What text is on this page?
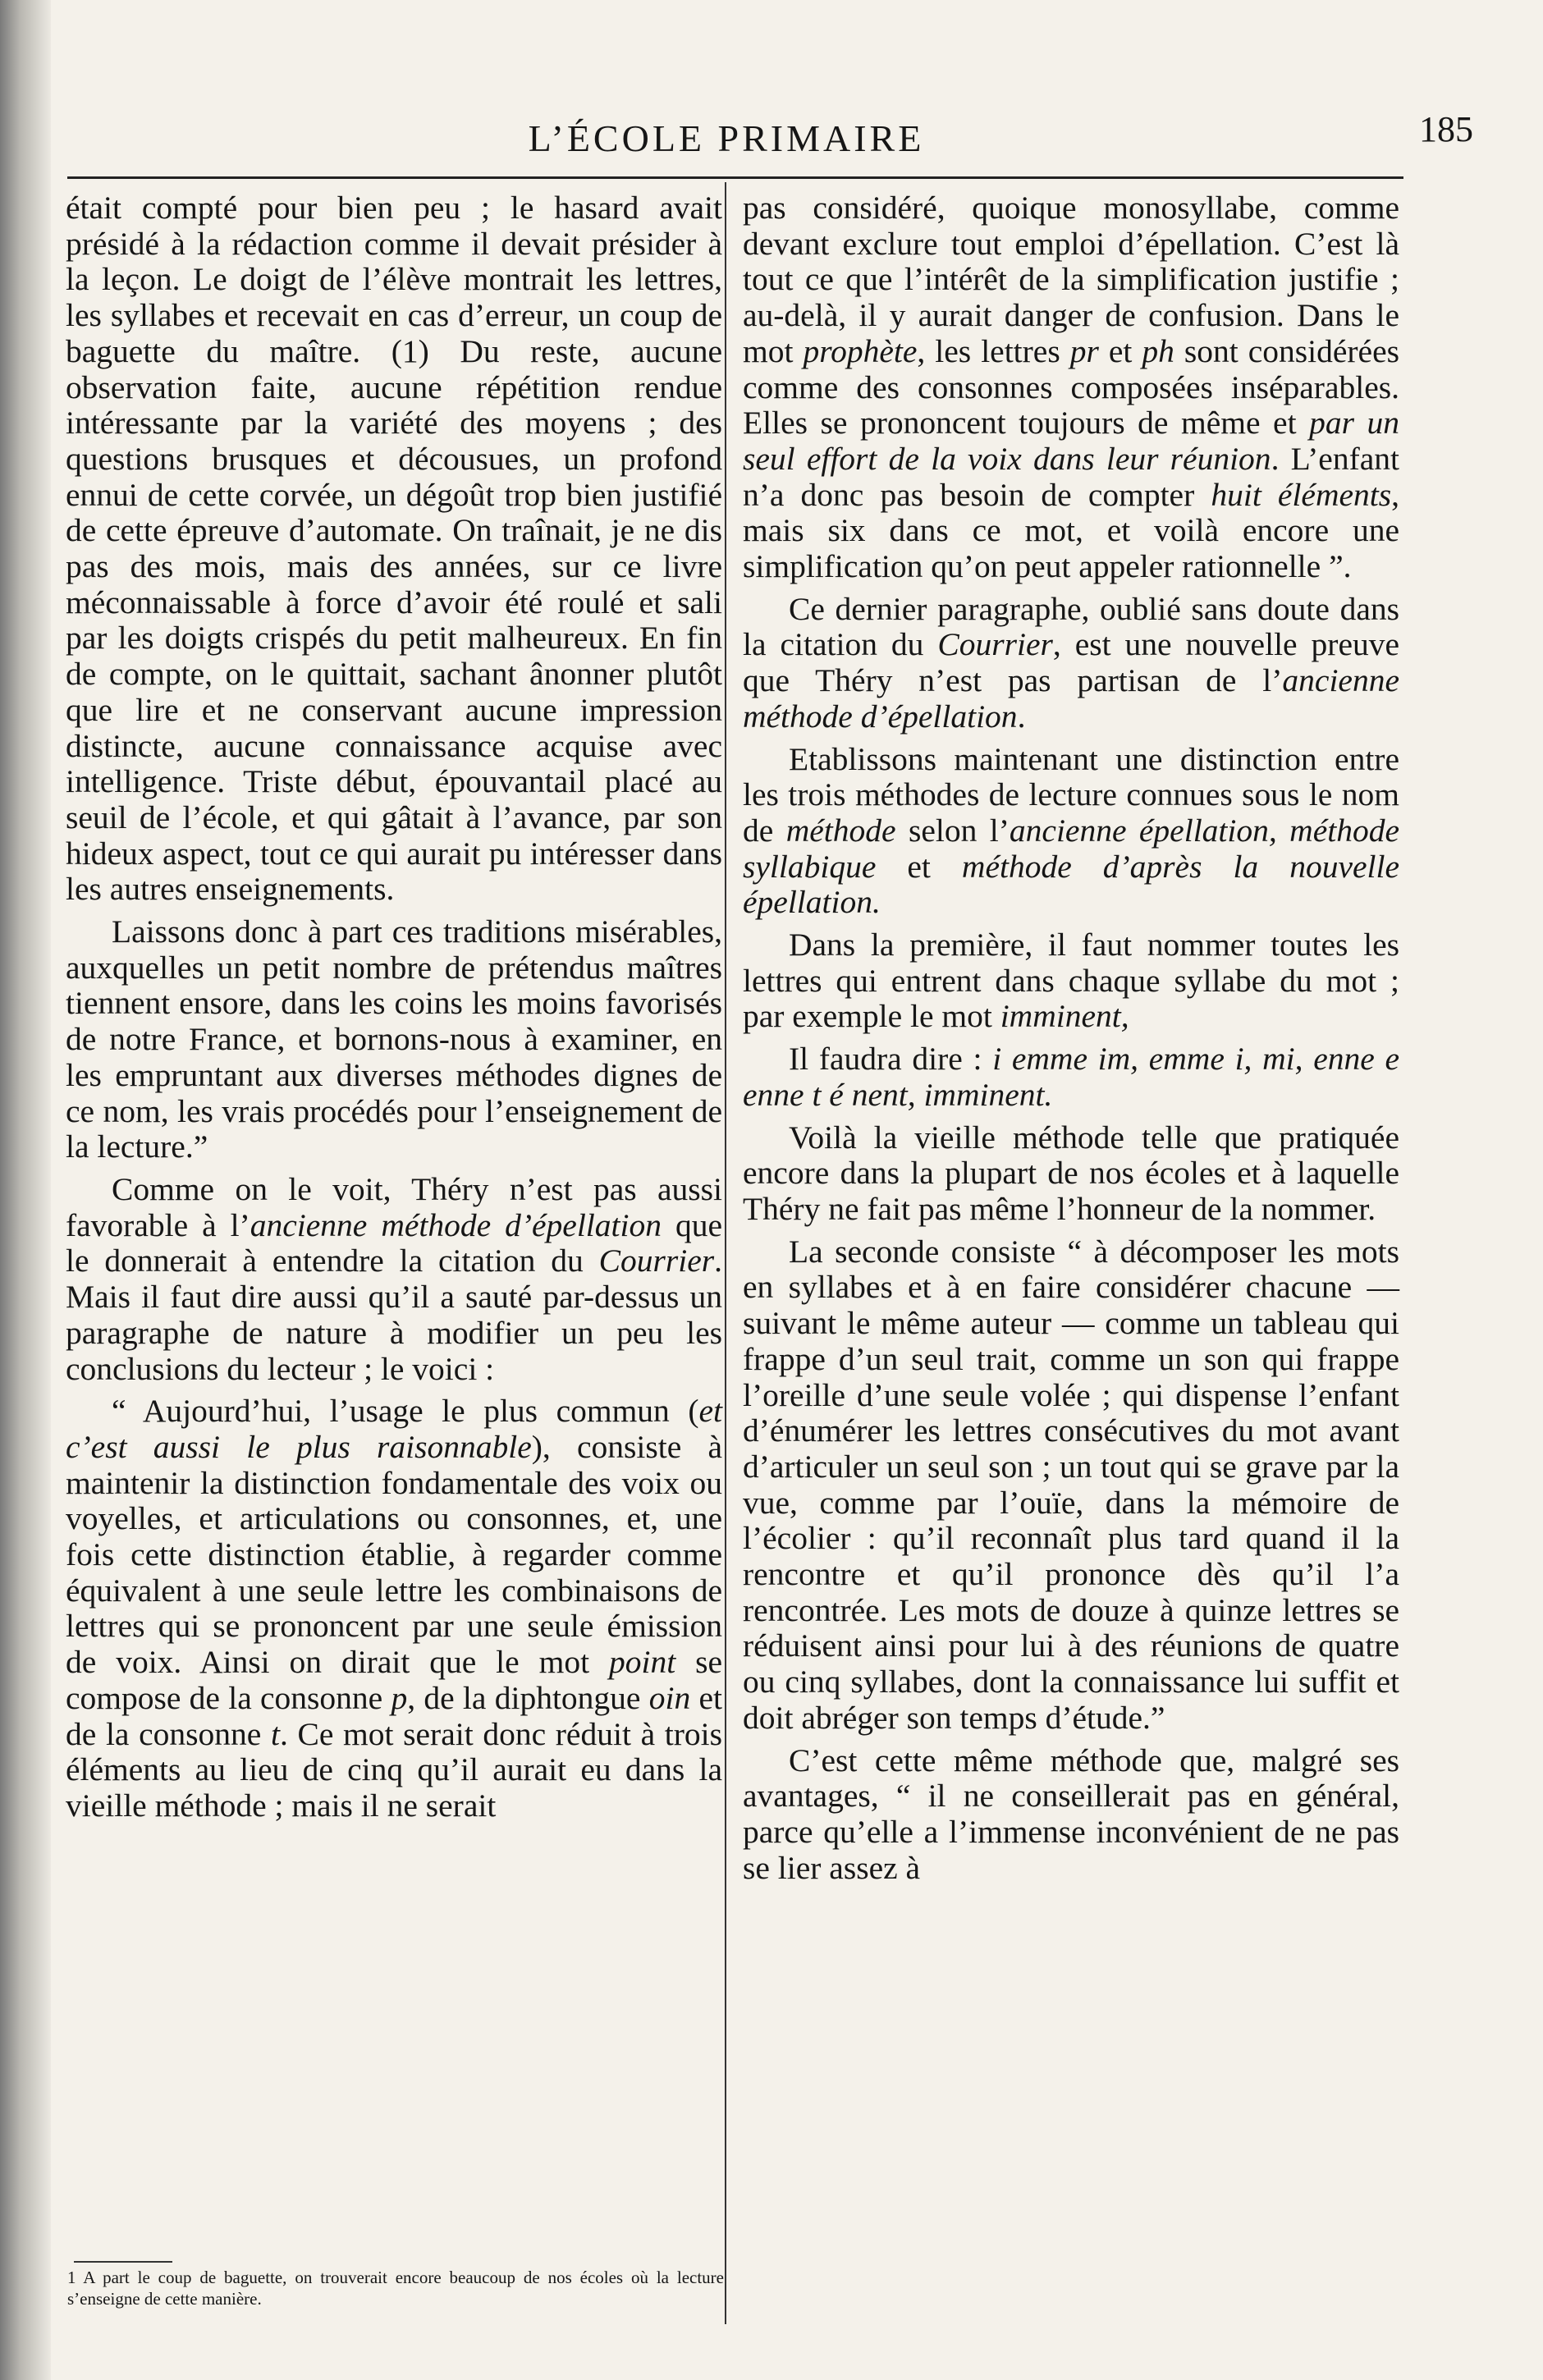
L’ÉCOLE PRIMAIRE	185

était compté pour bien peu ; le hasard avait présidé à la rédaction comme il devait présider à la leçon. Le doigt de l’élève montrait les lettres, les syllabes et recevait en cas d’erreur, un coup de baguette du maître. (1) Du reste, aucune observation faite, aucune répétition rendue intéressante par la variété des moyens ; des questions brusques et décousues, un profond ennui de cette corvée, un dégoût trop bien justifié de cette épreuve d’automate. On traînait, je ne dis pas des mois, mais des années, sur ce livre méconnaissable à force d’avoir été roulé et sali par les doigts crispés du petit malheureux. En fin de compte, on le quittait, sachant ânonner plutôt que lire et ne conservant aucune impression distincte, aucune connaissance acquise avec intelligence. Triste début, épouvantail placé au seuil de l’école, et qui gâtait à l’avance, par son hideux aspect, tout ce qui aurait pu intéresser dans les autres enseignements.

Laissons donc à part ces traditions misérables, auxquelles un petit nombre de prétendus maîtres tiennent ensore, dans les coins les moins favorisés de notre France, et bornons-nous à examiner, en les empruntant aux diverses méthodes dignes de ce nom, les vrais procédés pour l’enseignement de la lecture.”

Comme on le voit, Théry n’est pas aussi favorable à l’ancienne méthode d’épellation que le donnerait à entendre la citation du Courrier. Mais il faut dire aussi qu’il a sauté par-dessus un paragraphe de nature à modifier un peu les conclusions du lecteur ; le voici :

“ Aujourd’hui, l’usage le plus commun (et c’est aussi le plus raisonnable), consiste à maintenir la distinction fondamentale des voix ou voyelles, et articulations ou consonnes, et, une fois cette distinction établie, à regarder comme équivalent à une seule lettre les combinaisons de lettres qui se prononcent par une seule émission de voix. Ainsi on dirait que le mot point se compose de la consonne p, de la diphtongue oin et de la consonne t. Ce mot serait donc réduit à trois éléments au lieu de cinq qu’il aurait eu dans la vieille méthode ; mais il ne serait

pas considéré, quoique monosyllabe, comme devant exclure tout emploi d’épellation. C’est là tout ce que l’intérêt de la simplification justifie ; au-delà, il y aurait danger de confusion. Dans le mot prophète, les lettres pr et ph sont considérées comme des consonnes composées inséparables. Elles se prononcent toujours de même et par un seul effort de la voix dans leur réunion. L’enfant n’a donc pas besoin de compter huit éléments, mais six dans ce mot, et voilà encore une simplification qu’on peut appeler rationnelle ”.

Ce dernier paragraphe, oublié sans doute dans la citation du Courrier, est une nouvelle preuve que Théry n’est pas partisan de l’ancienne méthode d’épellation.

Etablissons maintenant une distinction entre les trois méthodes de lecture connues sous le nom de méthode selon l’ancienne épellation, méthode syllabique et méthode d’après la nouvelle épellation.

Dans la première, il faut nommer toutes les lettres qui entrent dans chaque syllabe du mot ; par exemple le mot imminent,

Il faudra dire : i emme im, emme i, mi, enne e enne t é nent, imminent.

Voilà la vieille méthode telle que pratiquée encore dans la plupart de nos écoles et à laquelle Théry ne fait pas même l’honneur de la nommer.

La seconde consiste “ à décomposer les mots en syllabes et à en faire considérer chacune — suivant le même auteur — comme un tableau qui frappe d’un seul trait, comme un son qui frappe l’oreille d’une seule volée ; qui dispense l’enfant d’énumérer les lettres consécutives du mot avant d’articuler un seul son ; un tout qui se grave par la vue, comme par l’ouïe, dans la mémoire de l’écolier : qu’il reconnaît plus tard quand il la rencontre et qu’il prononce dès qu’il l’a rencontrée. Les mots de douze à quinze lettres se réduisent ainsi pour lui à des réunions de quatre ou cinq syllabes, dont la connaissance lui suffit et doit abréger son temps d’étude.”

C’est cette même méthode que, malgré ses avantages, “ il ne conseillerait pas en général, parce qu’elle a l’immense inconvénient de ne pas se lier assez à

1 A part le coup de baguette, on trouverait encore beaucoup de nos écoles où la lecture s’enseigne de cette manière.
